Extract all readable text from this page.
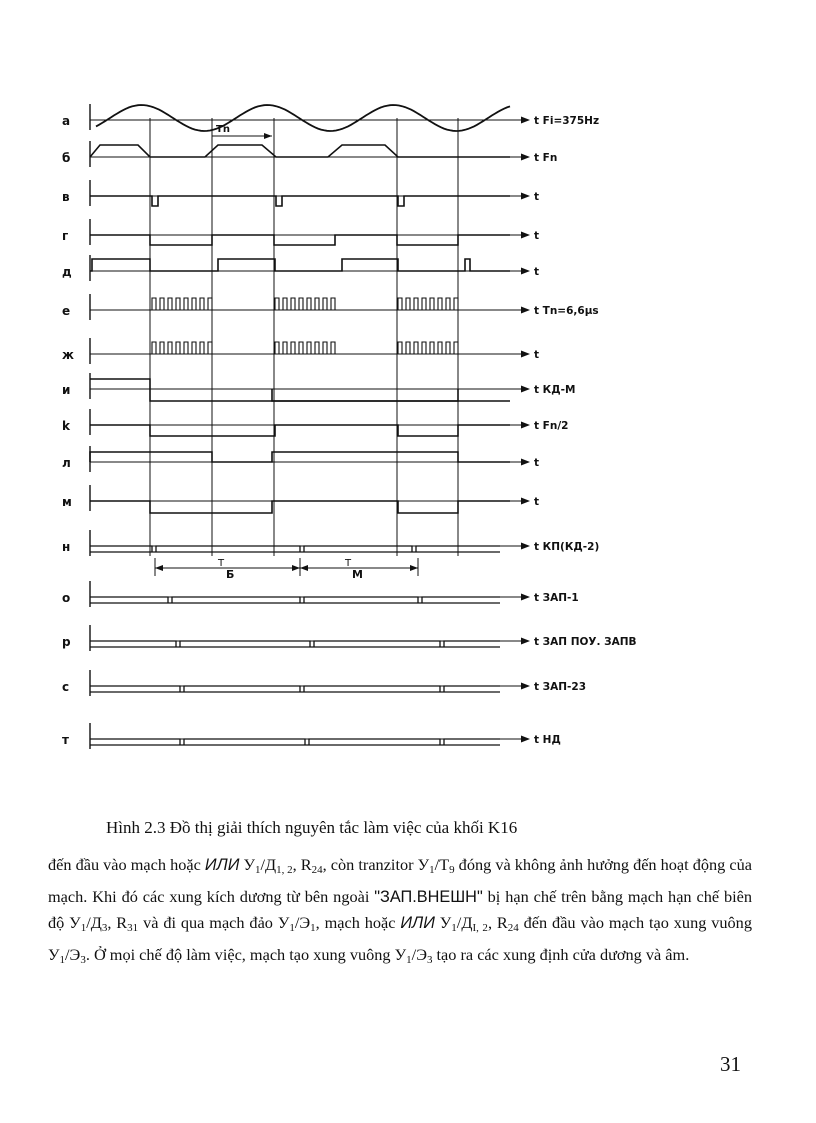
a
б
в
г
д
e
ж
и
k
л
м
н
о
р
с
т
t Fi=375Hz
t Fn
t
t
t
t Tn=6,6μs
t
t КД-М
t Fn/2
t
t
t КП(КД-2)
t ЗАП-1
t ЗАП ПОУ. ЗАПВ
t ЗАП-23
t НД
Tn
T
Б
T
M
Hình 2.3 Đồ thị giải thích nguyên tắc làm việc của khối K16

đến đầu vào mạch hoặc ИЛИ $У_1/Д_{1, 2}$, $R_{24}$, còn tranzitor $У_1/T_9$ đóng và không ảnh hưởng đến hoạt động của mạch. Khi đó các xung kích dương từ bên ngoài "ЗАП.ВНЕШН" bị hạn chế trên bằng mạch hạn chế biên độ $У_1/Д_3$, $R_{31}$ và đi qua mạch đảo $У_1/Э_1$, mạch hoặc ИЛИ $У_1/Д_{I, 2}$, $R_{24}$ đến đầu vào mạch tạo xung vuông $У_1/Э_3$. Ở mọi chế độ làm việc, mạch tạo xung vuông $У_1/Э_3$ tạo ra các xung định cửa dương và âm.

31
